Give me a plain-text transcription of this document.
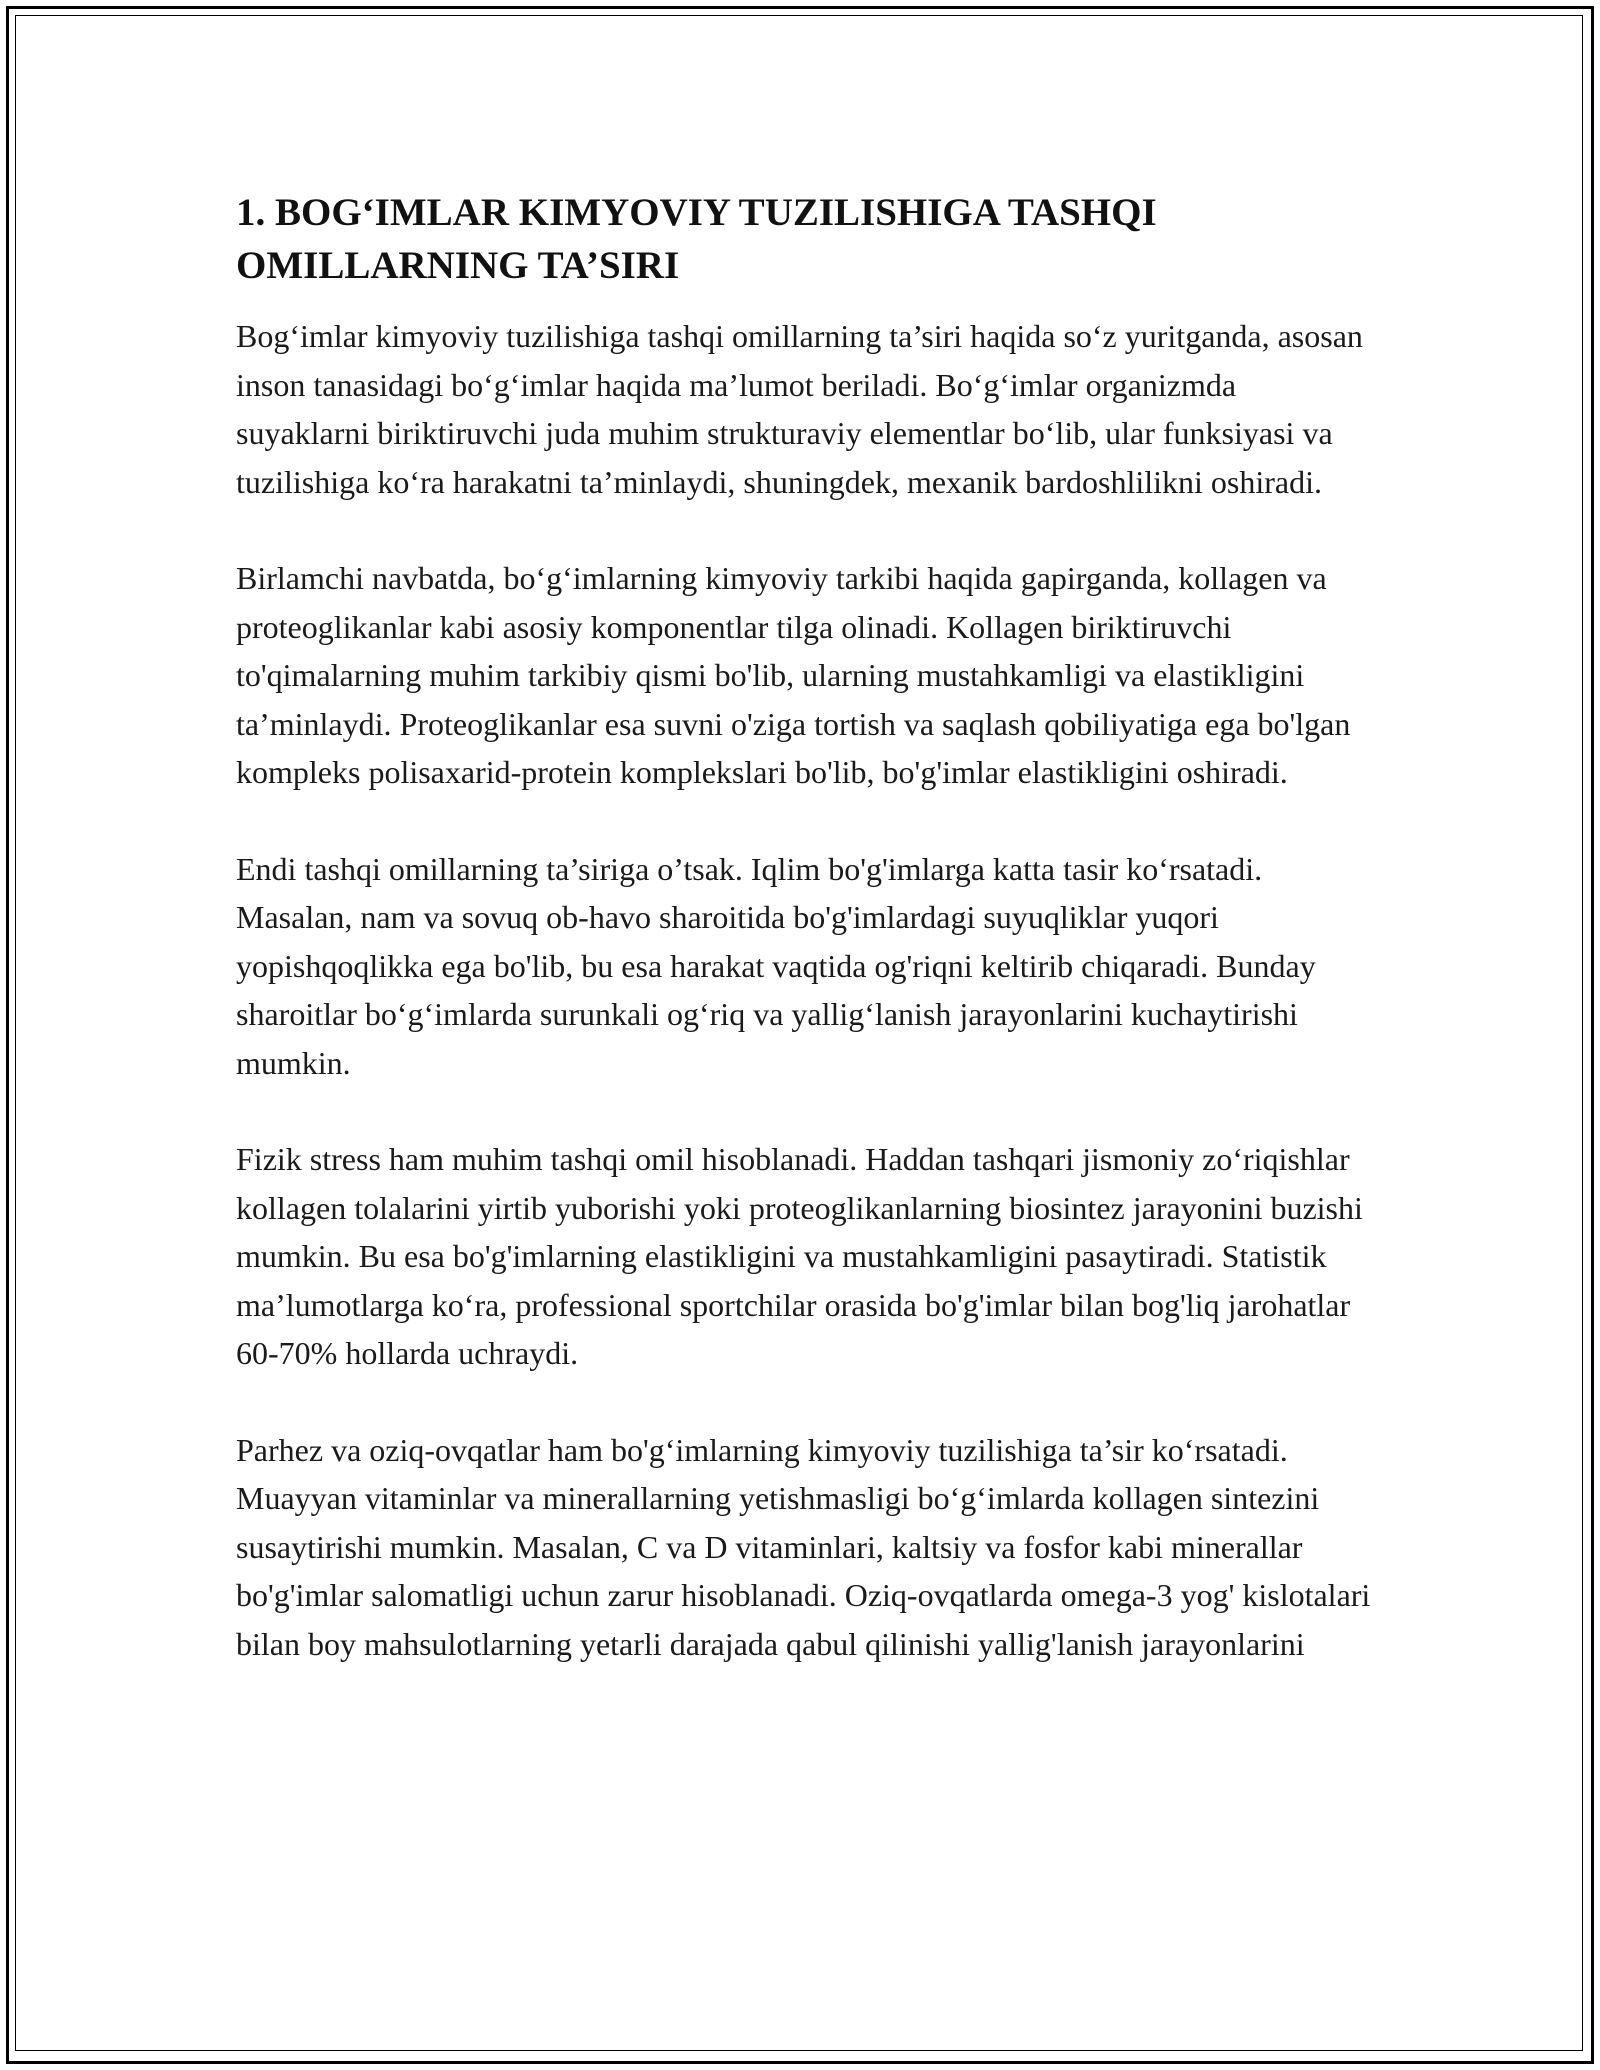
1. BOG‘IMLAR KIMYOVIY TUZILISHIGA TASHQI OMILLARNING TA’SIRI

Bog‘imlar kimyoviy tuzilishiga tashqi omillarning ta’siri haqida so‘z yuritganda, asosan inson tanasidagi bo‘g‘imlar haqida ma’lumot beriladi. Bo‘g‘imlar organizmda suyaklarni biriktiruvchi juda muhim strukturaviy elementlar bo‘lib, ular funksiyasi va tuzilishiga ko‘ra harakatni ta’minlaydi, shuningdek, mexanik bardoshlilikni oshiradi.

Birlamchi navbatda, bo‘g‘imlarning kimyoviy tarkibi haqida gapirganda, kollagen va proteoglikanlar kabi asosiy komponentlar tilga olinadi. Kollagen biriktiruvchi to'qimalarning muhim tarkibiy qismi bo'lib, ularning mustahkamligi va elastikligini ta’minlaydi. Proteoglikanlar esa suvni o'ziga tortish va saqlash qobiliyatiga ega bo'lgan kompleks polisaxarid-protein komplekslari bo'lib, bo'g'imlar elastikligini oshiradi.

Endi tashqi omillarning ta’siriga o’tsak. Iqlim bo'g'imlarga katta tasir ko‘rsatadi. Masalan, nam va sovuq ob-havo sharoitida bo'g'imlardagi suyuqliklar yuqori yopishqoqlikka ega bo'lib, bu esa harakat vaqtida og'riqni keltirib chiqaradi. Bunday sharoitlar bo‘g‘imlarda surunkali og‘riq va yallig‘lanish jarayonlarini kuchaytirishi mumkin.

Fizik stress ham muhim tashqi omil hisoblanadi. Haddan tashqari jismoniy zo‘riqishlar kollagen tolalarini yirtib yuborishi yoki proteoglikanlarning biosintez jarayonini buzishi mumkin. Bu esa bo'g'imlarning elastikligini va mustahkamligini pasaytiradi. Statistik ma’lumotlarga ko‘ra, professional sportchilar orasida bo'g'imlar bilan bog'liq jarohatlar 60-70% hollarda uchraydi.

Parhez va oziq-ovqatlar ham bo'g‘imlarning kimyoviy tuzilishiga ta’sir ko‘rsatadi. Muayyan vitaminlar va minerallarning yetishmasligi bo‘g‘imlarda kollagen sintezini susaytirishi mumkin. Masalan, C va D vitaminlari, kaltsiy va fosfor kabi minerallar bo'g'imlar salomatligi uchun zarur hisoblanadi. Oziq-ovqatlarda omega-3 yog' kislotalari bilan boy mahsulotlarning yetarli darajada qabul qilinishi yallig'lanish jarayonlarini
